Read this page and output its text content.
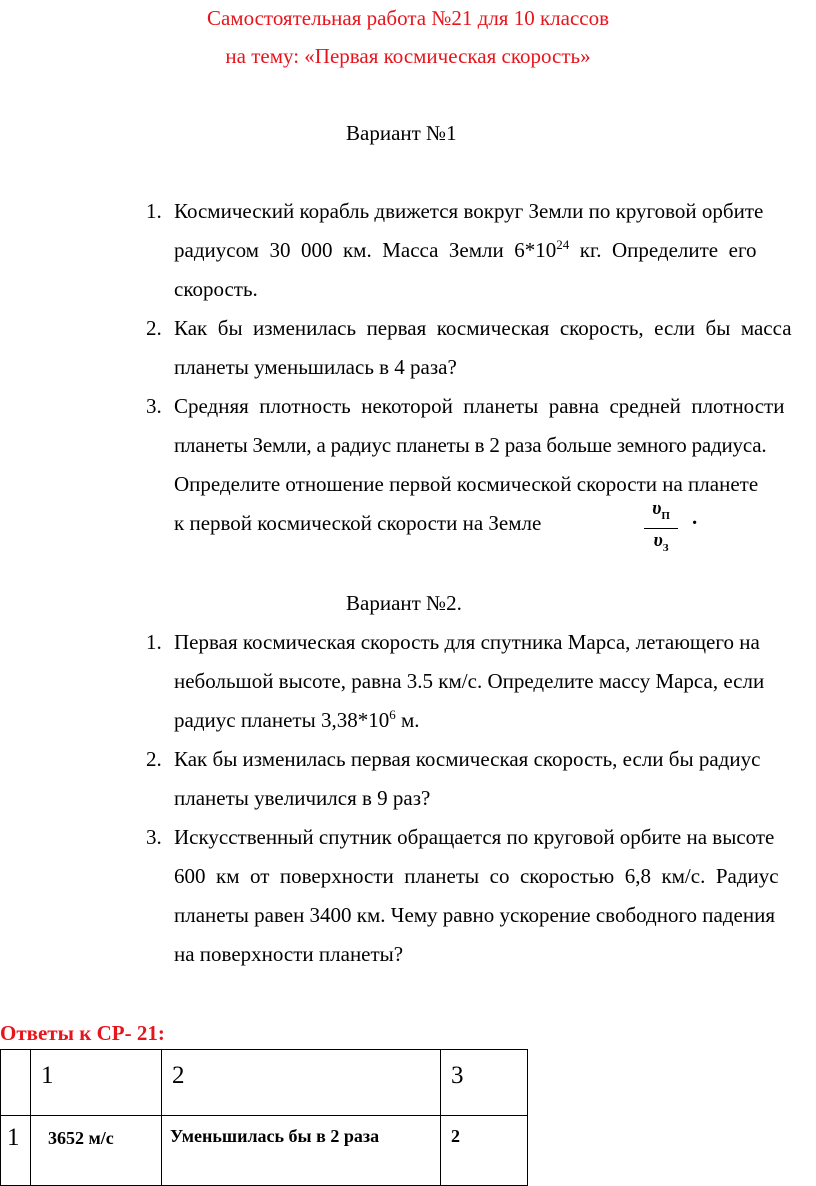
Самостоятельная работа №21 для 10 классов
на тему: «Первая космическая скорость»
Вариант №1
1. Космический корабль движется вокруг Земли по круговой орбите
радиусом  30  000  км.  Масса  Земли  $6*10^{24}$  кг.  Определите  его
скорость.
2. Как  бы  изменилась  первая  космическая  скорость,  если  бы  масса
планеты уменьшилась в 4 раза?
3. Средняя  плотность  некоторой  планеты  равна  средней  плотности
планеты Земли, а радиус планеты в 2 раза больше земного радиуса.
Определите отношение первой космической скорости на планете
к первой космической скорости на Земле
$\upsilon_П$
$\upsilon_З$
.
Вариант №2.
1. Первая космическая скорость для спутника Марса, летающего на
небольшой высоте, равна 3.5 км/с. Определите массу Марса, если
радиус планеты $3,38*10^6$ м.
2. Как бы изменилась первая космическая скорость, если бы радиус
планеты увеличился в 9 раз?
3. Искусственный спутник обращается по круговой орбите на высоте
600  км  от  поверхности  планеты  со  скоростью  6,8  км/с.  Радиус
планеты равен 3400 км. Чему равно ускорение свободного падения
на поверхности планеты?
Ответы к СР- 21:
	1	2	3
1	3652 м/с	Уменьшилась бы в 2 раза	2
